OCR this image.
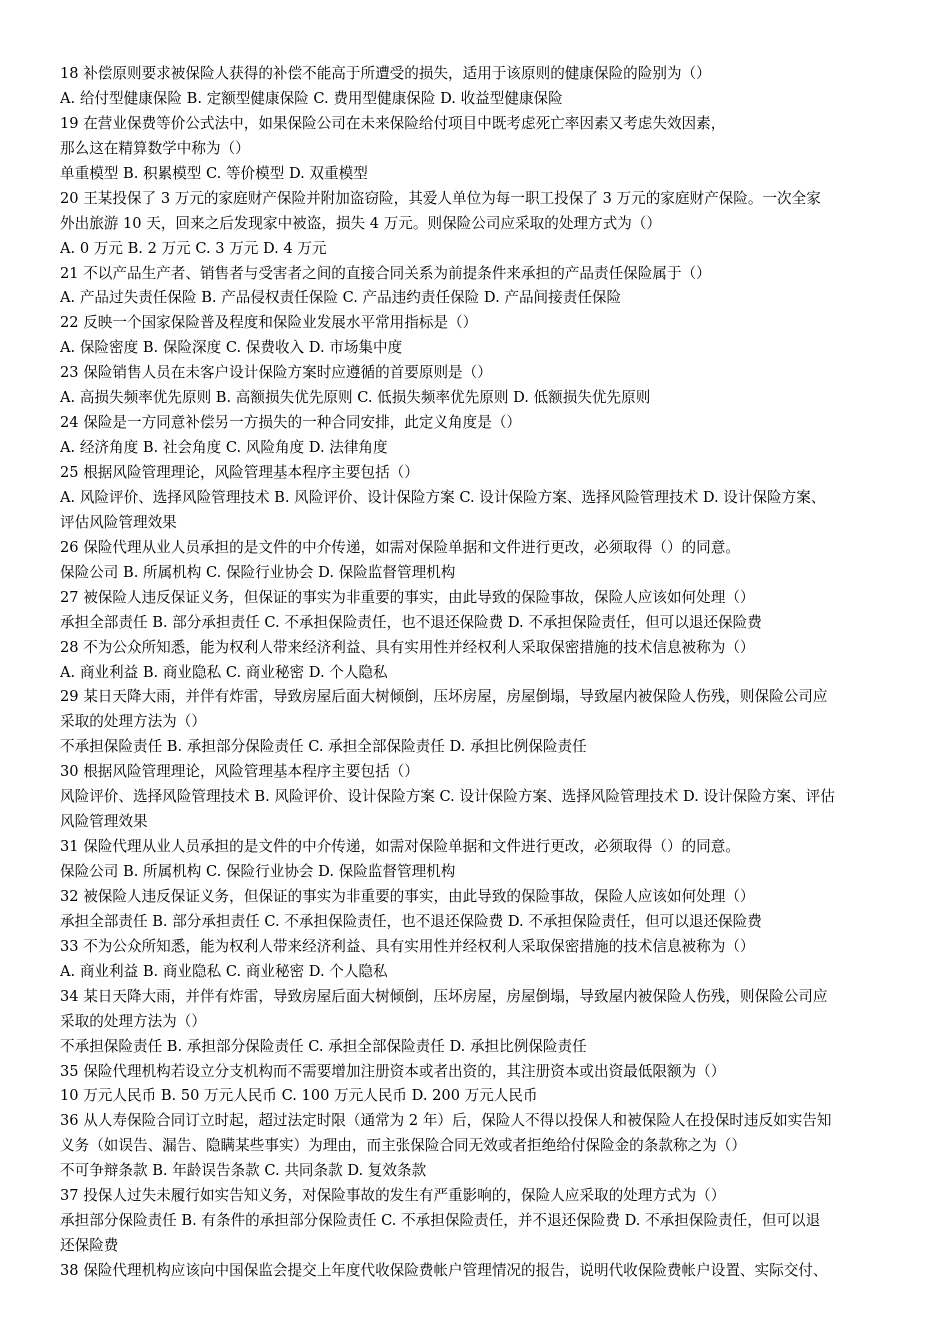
18 补偿原则要求被保险人获得的补偿不能高于所遭受的损失，适用于该原则的健康保险的险别为（）
A. 给付型健康保险 B. 定额型健康保险 C. 费用型健康保险 D. 收益型健康保险
19 在营业保费等价公式法中，如果保险公司在未来保险给付项目中既考虑死亡率因素又考虑失效因素，
那么这在精算数学中称为（）
单重模型 B. 积累模型 C. 等价模型 D. 双重模型
20 王某投保了 3 万元的家庭财产保险并附加盗窃险，其爱人单位为每一职工投保了 3 万元的家庭财产保险。一次全家
外出旅游 10 天，回来之后发现家中被盗，损失 4 万元。则保险公司应采取的处理方式为（）
A. 0 万元 B. 2 万元 C. 3 万元 D. 4 万元
21 不以产品生产者、销售者与受害者之间的直接合同关系为前提条件来承担的产品责任保险属于（）
A. 产品过失责任保险 B. 产品侵权责任保险 C. 产品违约责任保险 D. 产品间接责任保险
22 反映一个国家保险普及程度和保险业发展水平常用指标是（）
A. 保险密度 B. 保险深度 C. 保费收入 D. 市场集中度
23 保险销售人员在未客户设计保险方案时应遵循的首要原则是（）
A. 高损失频率优先原则 B. 高额损失优先原则 C. 低损失频率优先原则 D. 低额损失优先原则
24 保险是一方同意补偿另一方损失的一种合同安排，此定义角度是（）
A. 经济角度 B. 社会角度 C. 风险角度 D. 法律角度
25 根据风险管理理论，风险管理基本程序主要包括（）
A. 风险评价、选择风险管理技术 B. 风险评价、设计保险方案 C. 设计保险方案、选择风险管理技术 D. 设计保险方案、
评估风险管理效果
26 保险代理从业人员承担的是文件的中介传递，如需对保险单据和文件进行更改，必须取得（）的同意。
保险公司 B. 所属机构 C. 保险行业协会 D. 保险监督管理机构
27 被保险人违反保证义务，但保证的事实为非重要的事实，由此导致的保险事故，保险人应该如何处理（）
承担全部责任 B. 部分承担责任 C. 不承担保险责任，也不退还保险费 D. 不承担保险责任，但可以退还保险费
28 不为公众所知悉，能为权利人带来经济利益、具有实用性并经权利人采取保密措施的技术信息被称为（）
A. 商业利益 B. 商业隐私 C. 商业秘密 D. 个人隐私
29 某日天降大雨，并伴有炸雷，导致房屋后面大树倾倒，压坏房屋，房屋倒塌，导致屋内被保险人伤残，则保险公司应
采取的处理方法为（）
不承担保险责任 B. 承担部分保险责任 C. 承担全部保险责任 D. 承担比例保险责任
30 根据风险管理理论，风险管理基本程序主要包括（）
风险评价、选择风险管理技术 B. 风险评价、设计保险方案 C. 设计保险方案、选择风险管理技术 D. 设计保险方案、评估
风险管理效果
31 保险代理从业人员承担的是文件的中介传递，如需对保险单据和文件进行更改，必须取得（）的同意。
保险公司 B. 所属机构 C. 保险行业协会 D. 保险监督管理机构
32 被保险人违反保证义务，但保证的事实为非重要的事实，由此导致的保险事故，保险人应该如何处理（）
承担全部责任 B. 部分承担责任 C. 不承担保险责任，也不退还保险费 D. 不承担保险责任，但可以退还保险费
33 不为公众所知悉，能为权利人带来经济利益、具有实用性并经权利人采取保密措施的技术信息被称为（）
A. 商业利益 B. 商业隐私 C. 商业秘密 D. 个人隐私
34 某日天降大雨，并伴有炸雷，导致房屋后面大树倾倒，压坏房屋，房屋倒塌，导致屋内被保险人伤残，则保险公司应
采取的处理方法为（）
不承担保险责任 B. 承担部分保险责任 C. 承担全部保险责任 D. 承担比例保险责任
35 保险代理机构若设立分支机构而不需要增加注册资本或者出资的，其注册资本或出资最低限额为（）
10 万元人民币 B. 50 万元人民币 C. 100 万元人民币 D. 200 万元人民币
36 从人寿保险合同订立时起，超过法定时限（通常为 2 年）后，保险人不得以投保人和被保险人在投保时违反如实告知
义务（如误告、漏告、隐瞒某些事实）为理由，而主张保险合同无效或者拒绝给付保险金的条款称之为（）
不可争辩条款 B. 年龄误告条款 C. 共同条款 D. 复效条款
37 投保人过失未履行如实告知义务，对保险事故的发生有严重影响的，保险人应采取的处理方式为（）
承担部分保险责任 B. 有条件的承担部分保险责任 C. 不承担保险责任，并不退还保险费 D. 不承担保险责任，但可以退
还保险费
38 保险代理机构应该向中国保监会提交上年度代收保险费帐户管理情况的报告，说明代收保险费帐户设置、实际交付、
